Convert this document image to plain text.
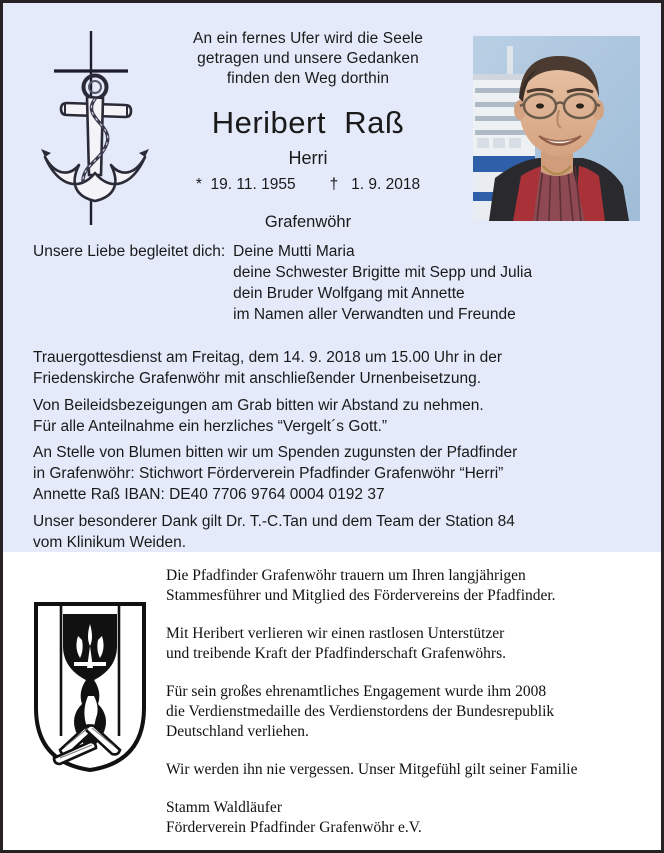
An ein fernes Ufer wird die Seele
getragen und unsere Gedanken
finden den Weg dorthin
Heribert  Raß
Herri
*  19. 11. 1955 †   1. 9. 2018
Grafenwöhr
Unsere Liebe begleitet dich: Deine Mutti Maria
deine Schwester Brigitte mit Sepp und Julia
dein Bruder Wolfgang mit Annette
im Namen aller Verwandten und Freunde
Trauergottesdienst am Freitag, dem 14. 9. 2018 um 15.00 Uhr in der
Friedenskirche Grafenwöhr mit anschließender Urnenbeisetzung.
Von Beileidsbezeigungen am Grab bitten wir Abstand zu nehmen.
Für alle Anteilnahme ein herzliches “Vergelt´s Gott.”
An Stelle von Blumen bitten wir um Spenden zugunsten der Pfadfinder
in Grafenwöhr: Stichwort Förderverein Pfadfinder Grafenwöhr “Herri”
Annette Raß IBAN: DE40 7706 9764 0004 0192 37
Unser besonderer Dank gilt Dr. T.-C.Tan und dem Team der Station 84
vom Klinikum Weiden.
Die Pfadfinder Grafenwöhr trauern um Ihren langjährigen
Stammesführer und Mitglied des Fördervereins der Pfadfinder.
Mit Heribert verlieren wir einen rastlosen Unterstützer
und treibende Kraft der Pfadfinderschaft Grafenwöhrs.
Für sein großes ehrenamtliches Engagement wurde ihm 2008
die Verdienstmedaille des Verdienstordens der Bundesrepublik
Deutschland verliehen.
Wir werden ihn nie vergessen. Unser Mitgefühl gilt seiner Familie
Stamm Waldläufer
Förderverein Pfadfinder Grafenwöhr e.V.
